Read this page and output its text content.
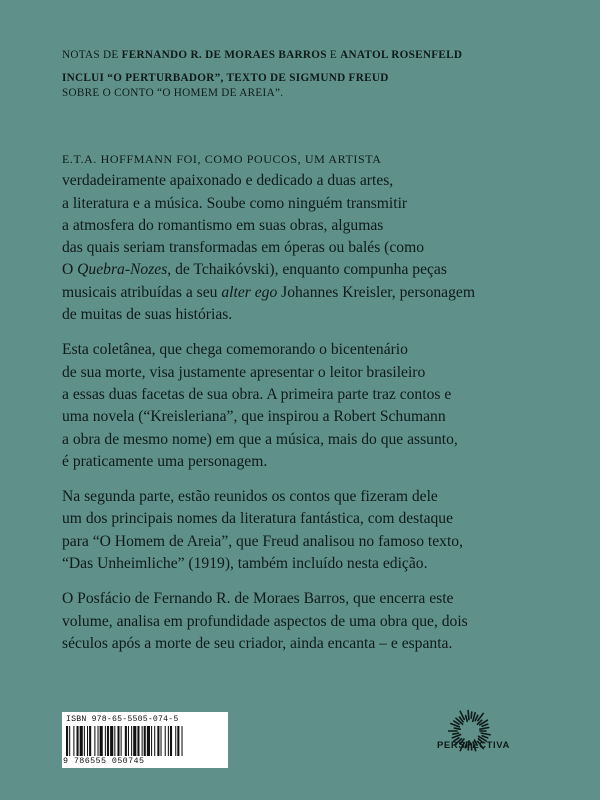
NOTAS DE FERNANDO R. DE MORAES BARROS E ANATOL ROSENFELD

INCLUI “O PERTURBADOR”, TEXTO DE SIGMUND FREUD

SOBRE O CONTO “O HOMEM DE AREIA”.

E.T.A. HOFFMANN FOI, COMO POUCOS, UM ARTISTA
verdadeiramente apaixonado e dedicado a duas artes,
a literatura e a música. Soube como ninguém transmitir
a atmosfera do romantismo em suas obras, algumas
das quais seriam transformadas em óperas ou balés (como
O Quebra-Nozes, de Tchaikóvski), enquanto compunha peças
musicais atribuídas a seu alter ego Johannes Kreisler, personagem
de muitas de suas histórias.

Esta coletânea, que chega comemorando o bicentenário
de sua morte, visa justamente apresentar o leitor brasileiro
a essas duas facetas de sua obra. A primeira parte traz contos e
uma novela (“Kreisleriana”, que inspirou a Robert Schumann
a obra de mesmo nome) em que a música, mais do que assunto,
é praticamente uma personagem.

Na segunda parte, estão reunidos os contos que fizeram dele
um dos principais nomes da literatura fantástica, com destaque
para “O Homem de Areia”, que Freud analisou no famoso texto,
“Das Unheimliche” (1919), também incluído nesta edição.

O Posfácio de Fernando R. de Moraes Barros, que encerra este
volume, analisa em profundidade aspectos de uma obra que, dois
séculos após a morte de seu criador, ainda encanta – e espanta.

ISBN 978-65-5505-074-5
9 786555 050745
PERSPECTIVA
